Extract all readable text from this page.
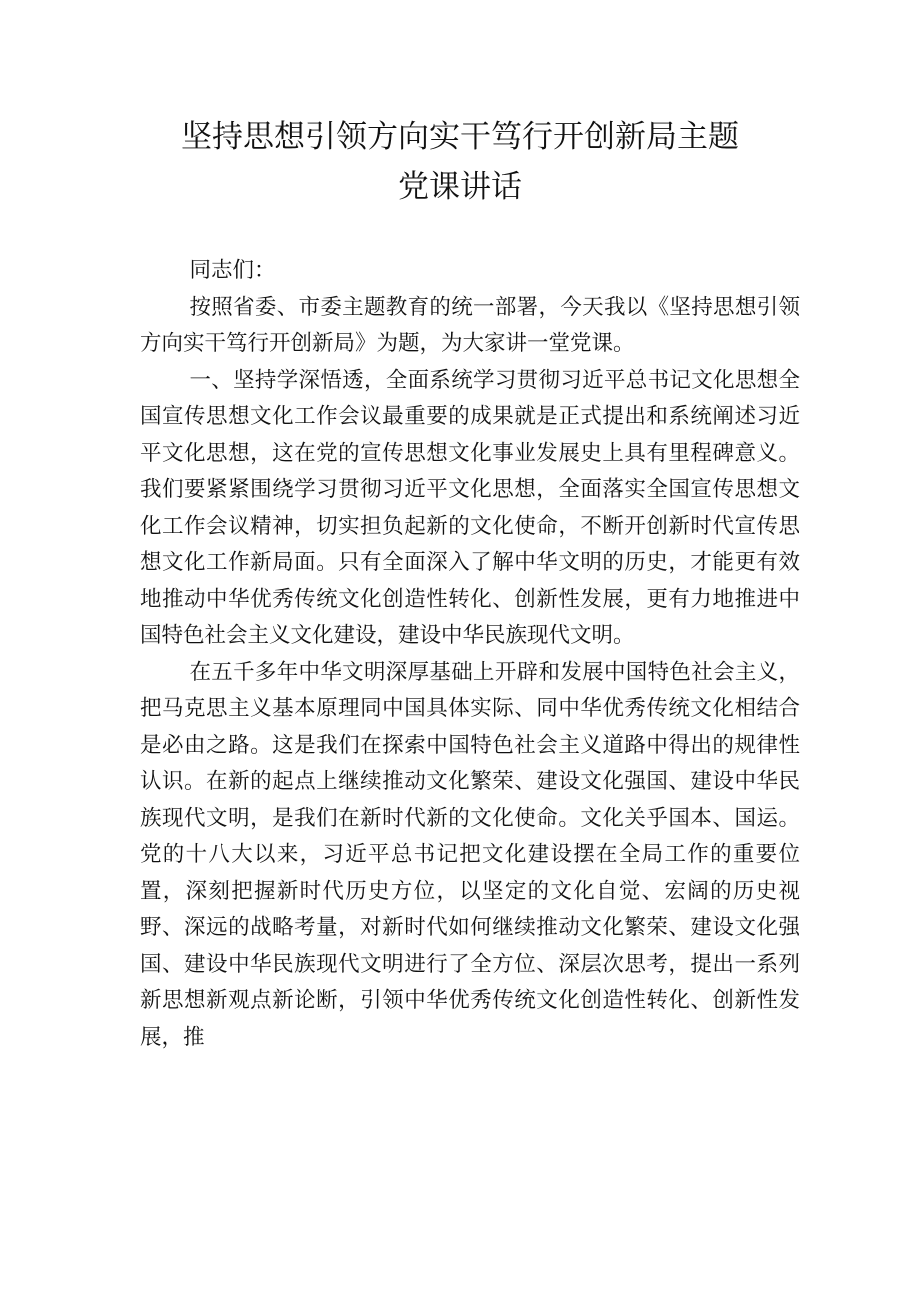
坚持思想引领方向实干笃行开创新局主题
党课讲话

同志们：

按照省委、市委主题教育的统一部署，今天我以《坚持思想引领方向实干笃行开创新局》为题，为大家讲一堂党课。

一、坚持学深悟透，全面系统学习贯彻习近平总书记文化思想全国宣传思想文化工作会议最重要的成果就是正式提出和系统阐述习近平文化思想，这在党的宣传思想文化事业发展史上具有里程碑意义。我们要紧紧围绕学习贯彻习近平文化思想，全面落实全国宣传思想文化工作会议精神，切实担负起新的文化使命，不断开创新时代宣传思想文化工作新局面。只有全面深入了解中华文明的历史，才能更有效地推动中华优秀传统文化创造性转化、创新性发展，更有力地推进中国特色社会主义文化建设，建设中华民族现代文明。

在五千多年中华文明深厚基础上开辟和发展中国特色社会主义，把马克思主义基本原理同中国具体实际、同中华优秀传统文化相结合是必由之路。这是我们在探索中国特色社会主义道路中得出的规律性认识。在新的起点上继续推动文化繁荣、建设文化强国、建设中华民族现代文明，是我们在新时代新的文化使命。文化关乎国本、国运。党的十八大以来，习近平总书记把文化建设摆在全局工作的重要位置，深刻把握新时代历史方位，以坚定的文化自觉、宏阔的历史视野、深远的战略考量，对新时代如何继续推动文化繁荣、建设文化强国、建设中华民族现代文明进行了全方位、深层次思考，提出一系列新思想新观点新论断，引领中华优秀传统文化创造性转化、创新性发展，推
